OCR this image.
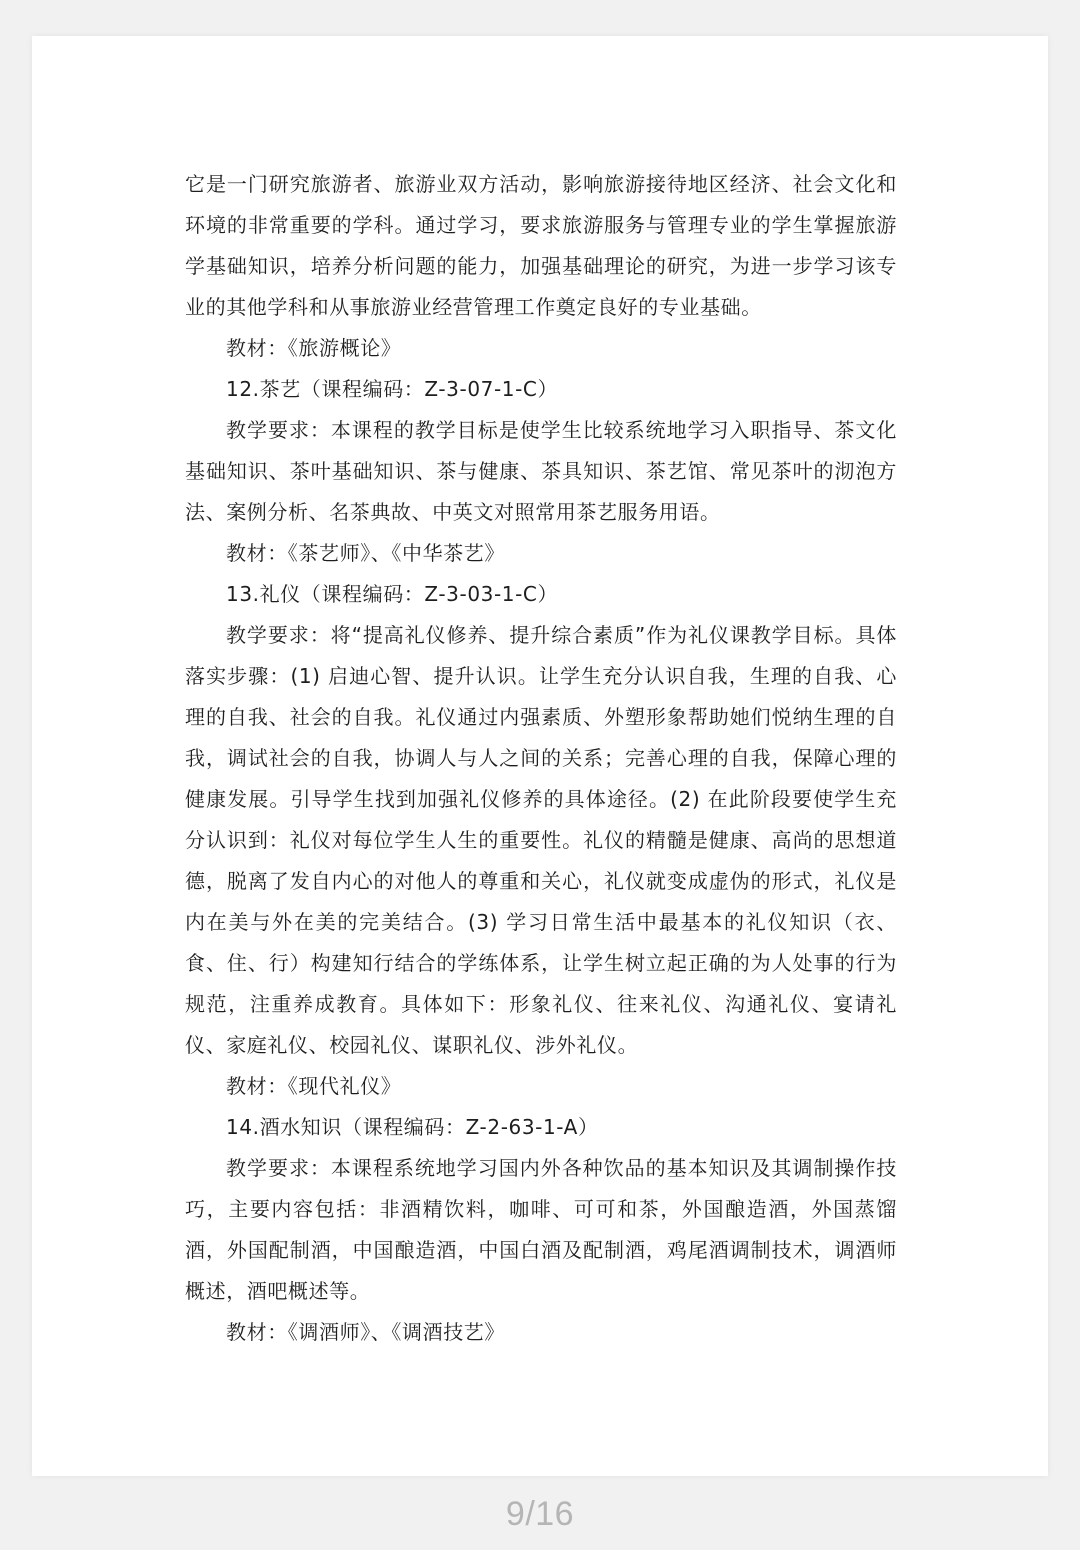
它是一门研究旅游者、旅游业双方活动，影响旅游接待地区经济、社会文化和环境的非常重要的学科。通过学习，要求旅游服务与管理专业的学生掌握旅游学基础知识，培养分析问题的能力，加强基础理论的研究，为进一步学习该专业的其他学科和从事旅游业经营管理工作奠定良好的专业基础。

教材：《旅游概论》

12.茶艺（课程编码：Z-3-07-1-C）

教学要求：本课程的教学目标是使学生比较系统地学习入职指导、茶文化基础知识、茶叶基础知识、茶与健康、茶具知识、茶艺馆、常见茶叶的沏泡方法、案例分析、名茶典故、中英文对照常用茶艺服务用语。

教材：《茶艺师》、《中华茶艺》

13.礼仪（课程编码：Z-3-03-1-C）

教学要求：将“提高礼仪修养、提升综合素质”作为礼仪课教学目标。具体落实步骤：(1) 启迪心智、提升认识。让学生充分认识自我，生理的自我、心理的自我、社会的自我。礼仪通过内强素质、外塑形象帮助她们悦纳生理的自我，调试社会的自我，协调人与人之间的关系；完善心理的自我，保障心理的健康发展。引导学生找到加强礼仪修养的具体途径。(2) 在此阶段要使学生充分认识到：礼仪对每位学生人生的重要性。礼仪的精髓是健康、高尚的思想道德，脱离了发自内心的对他人的尊重和关心，礼仪就变成虚伪的形式，礼仪是内在美与外在美的完美结合。(3) 学习日常生活中最基本的礼仪知识（衣、食、住、行）构建知行结合的学练体系，让学生树立起正确的为人处事的行为规范，注重养成教育。具体如下：形象礼仪、往来礼仪、沟通礼仪、宴请礼仪、家庭礼仪、校园礼仪、谋职礼仪、涉外礼仪。

教材：《现代礼仪》

14.酒水知识（课程编码：Z-2-63-1-A）

教学要求：本课程系统地学习国内外各种饮品的基本知识及其调制操作技巧，主要内容包括：非酒精饮料，咖啡、可可和茶，外国酿造酒，外国蒸馏酒，外国配制酒，中国酿造酒，中国白酒及配制酒，鸡尾酒调制技术，调酒师概述，酒吧概述等。

教材：《调酒师》、《调酒技艺》

9/16
